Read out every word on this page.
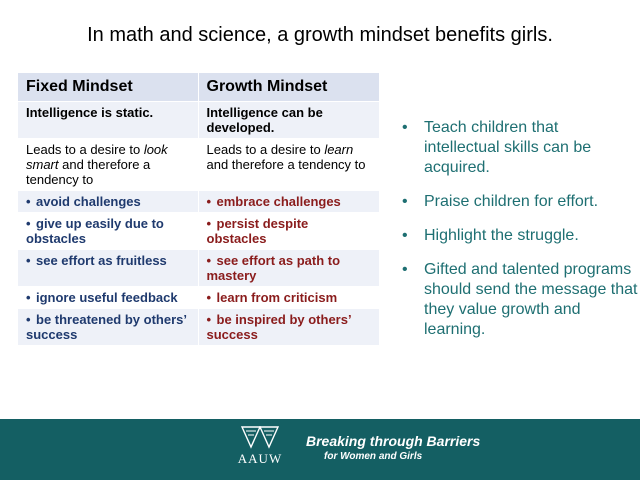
In math and science, a growth mindset benefits girls.
Fixed Mindset	Growth Mindset
Intelligence is static.	Intelligence can be developed.
Leads to a desire to look smart and therefore a tendency to	Leads to a desire to learn and therefore a tendency to
• avoid challenges	• embrace challenges
• give up easily due to obstacles	• persist despite obstacles
• see effort as fruitless	• see effort as path to mastery
• ignore useful feedback	• learn from criticism
• be threatened by others’ success	• be inspired by others’ success
• Teach children that intellectual skills can be acquired.
• Praise children for effort.
• Highlight the struggle.
• Gifted and talented programs should send the message that they value growth and learning.
AAUW
Breaking through Barriers
for Women and Girls
